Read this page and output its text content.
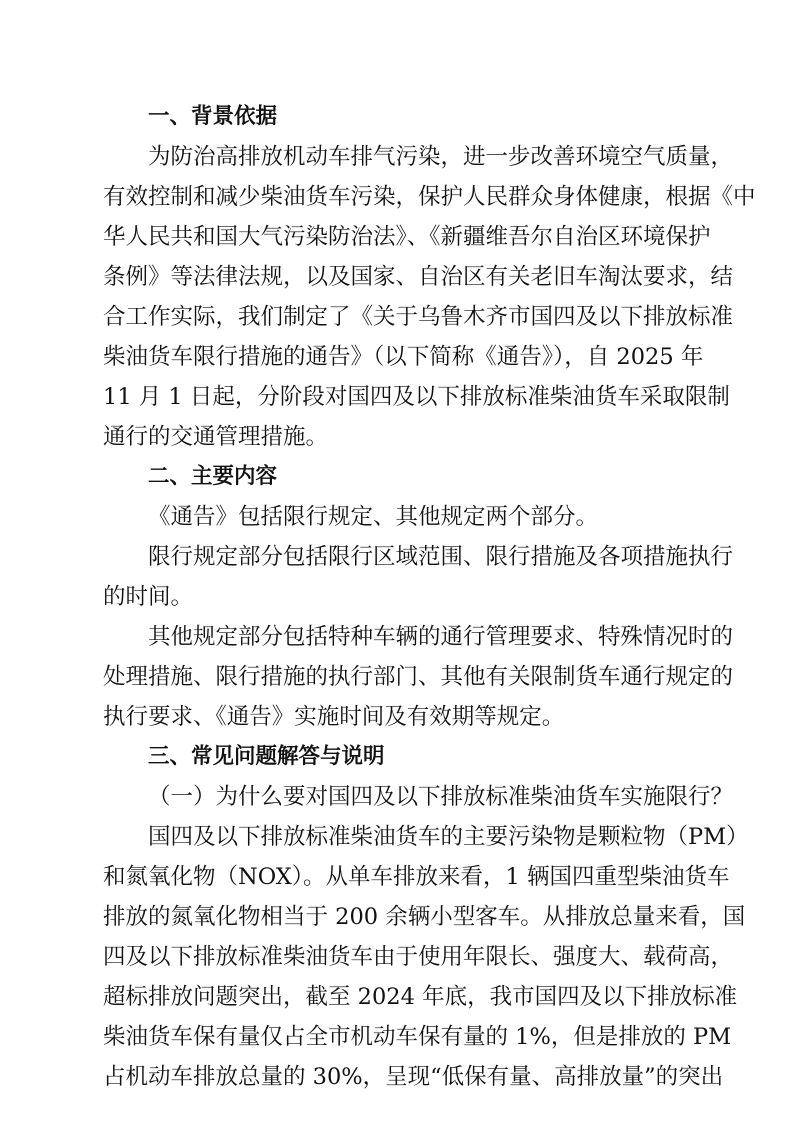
一、背景依据
为防治高排放机动车排气污染，进一步改善环境空气质量，
有效控制和减少柴油货车污染，保护人民群众身体健康，根据《中
华人民共和国大气污染防治法》、《新疆维吾尔自治区环境保护
条例》等法律法规，以及国家、自治区有关老旧车淘汰要求，结
合工作实际，我们制定了《关于乌鲁木齐市国四及以下排放标准
柴油货车限行措施的通告》（以下简称《通告》），自 2025 年
11 月 1 日起，分阶段对国四及以下排放标准柴油货车采取限制
通行的交通管理措施。
二、主要内容
《通告》包括限行规定、其他规定两个部分。
限行规定部分包括限行区域范围、限行措施及各项措施执行
的时间。
其他规定部分包括特种车辆的通行管理要求、特殊情况时的
处理措施、限行措施的执行部门、其他有关限制货车通行规定的
执行要求、《通告》实施时间及有效期等规定。
三、常见问题解答与说明
（一）为什么要对国四及以下排放标准柴油货车实施限行？
国四及以下排放标准柴油货车的主要污染物是颗粒物（PM）
和氮氧化物（NOX）。从单车排放来看，1 辆国四重型柴油货车
排放的氮氧化物相当于 200 余辆小型客车。从排放总量来看，国
四及以下排放标准柴油货车由于使用年限长、强度大、载荷高，
超标排放问题突出，截至 2024 年底，我市国四及以下排放标准
柴油货车保有量仅占全市机动车保有量的 1%，但是排放的 PM
占机动车排放总量的 30%，呈现“低保有量、高排放量”的突出
